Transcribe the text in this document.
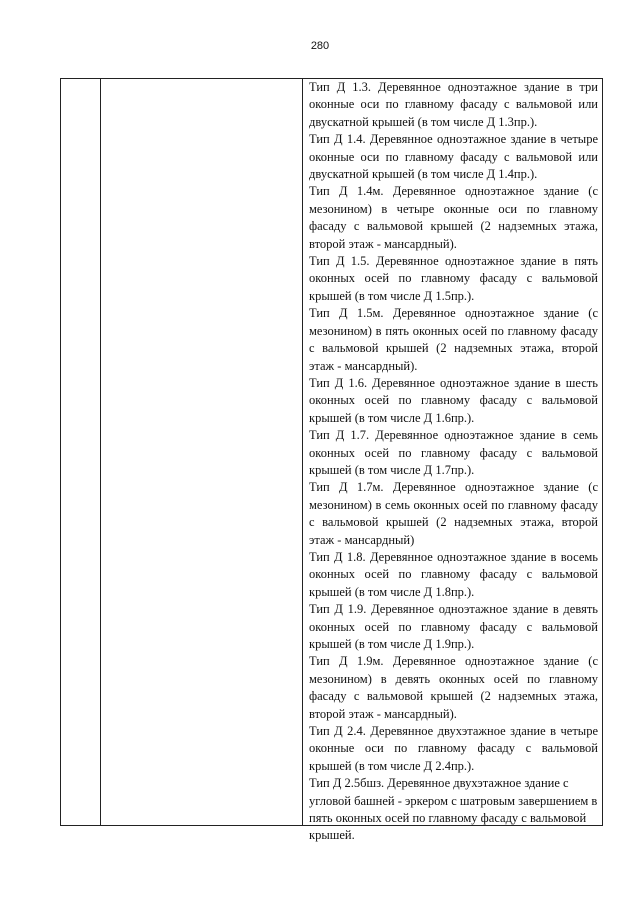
280

Тип Д 1.3. Деревянное одноэтажное здание в три оконные оси по главному фасаду с вальмовой или двускатной крышей (в том числе Д 1.3пр.).

Тип Д 1.4. Деревянное одноэтажное здание в четыре оконные оси по главному фасаду с вальмовой или двускатной крышей (в том числе Д 1.4пр.).

Тип Д 1.4м. Деревянное одноэтажное здание (с мезонином) в четыре оконные оси по главному фасаду с вальмовой крышей (2 надземных этажа, второй этаж - мансардный).

Тип Д 1.5. Деревянное одноэтажное здание в пять оконных осей по главному фасаду с вальмовой крышей (в том числе Д 1.5пр.).

Тип Д 1.5м. Деревянное одноэтажное здание (с мезонином) в пять оконных осей по главному фасаду с вальмовой крышей (2 надземных этажа, второй этаж - мансардный).

Тип Д 1.6. Деревянное одноэтажное здание в шесть оконных осей по главному фасаду с вальмовой крышей (в том числе Д 1.6пр.).

Тип Д 1.7. Деревянное одноэтажное здание в семь оконных осей по главному фасаду с вальмовой крышей (в том числе Д 1.7пр.).

Тип Д 1.7м. Деревянное одноэтажное здание (с мезонином) в семь оконных осей по главному фасаду с вальмовой крышей (2 надземных этажа, второй этаж - мансардный)

Тип Д 1.8. Деревянное одноэтажное здание в восемь оконных осей по главному фасаду с вальмовой крышей (в том числе Д 1.8пр.).

Тип Д 1.9. Деревянное одноэтажное здание в девять оконных осей по главному фасаду с вальмовой крышей (в том числе Д 1.9пр.).

Тип Д 1.9м. Деревянное одноэтажное здание (с мезонином) в девять оконных осей по главному фасаду с вальмовой крышей (2 надземных этажа, второй этаж - мансардный).

Тип Д 2.4. Деревянное двухэтажное здание в четыре оконные оси по главному фасаду с вальмовой крышей (в том числе Д 2.4пр.).

Тип Д 2.5бшз. Деревянное двухэтажное здание с угловой башней - эркером с шатровым завершением в пять оконных осей по главному фасаду с вальмовой крышей.
